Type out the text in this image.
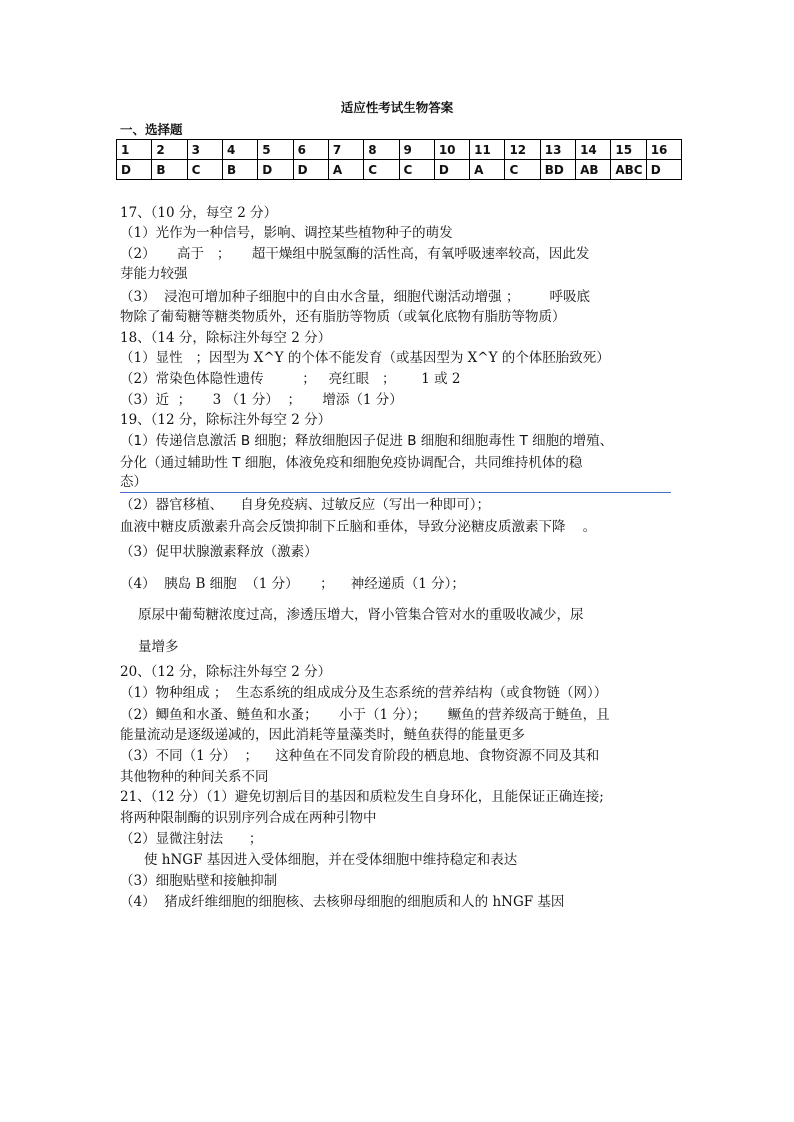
适应性考试生物答案
一、选择题
1	2	3	4	5	6	7	8	9	10	11	12	13	14	15	16
D	B	C	B	D	D	A	C	C	D	A	C	BD	AB	ABC	D
17、（10 分，每空 2 分）
（1）光作为一种信号，影响、调控某些植物种子的萌发
（2）     高于   ；     超干燥组中脱氢酶的活性高，有氧呼吸速率较高，因此发
芽能力较强
（3）  浸泡可增加种子细胞中的自由水含量，细胞代谢活动增强 ；       呼吸底
物除了葡萄糖等糖类物质外，还有脂肪等物质（或氧化底物有脂肪等物质）
18、（14 分，除标注外每空 2 分）
（1）显性   ；因型为 X^Y 的个体不能发育（或基因型为 X^Y 的个体胚胎致死）
（2）常染色体隐性遗传         ；   亮红眼   ；      1 或 2
（3）近  ；     3 （1 分）  ；     增添（1 分）
19、（12 分，除标注外每空 2 分）
（1）传递信息激活 B 细胞；释放细胞因子促进 B 细胞和细胞毒性 T 细胞的增殖、
分化（通过辅助性 T 细胞，体液免疫和细胞免疫协调配合，共同维持机体的稳
态）
（2）器官移植、    自身免疫病、过敏反应（写出一种即可）；
血液中糖皮质激素升高会反馈抑制下丘脑和垂体，导致分泌糖皮质激素下降    。
（3）促甲状腺激素释放（激素）
（4）  胰岛 B 细胞  （1 分）     ；    神经递质（1 分）；
原尿中葡萄糖浓度过高，渗透压增大，肾小管集合管对水的重吸收减少，尿
量增多
20、（12 分，除标注外每空 2 分）
（1）物种组成 ；  生态系统的组成成分及生态系统的营养结构（或食物链（网））
（2）鲫鱼和水蚤、鲢鱼和水蚤；     小于（1 分）；     鳜鱼的营养级高于鲢鱼，且
能量流动是逐级递减的，因此消耗等量藻类时，鲢鱼获得的能量更多
（3）不同（1 分）  ；    这种鱼在不同发育阶段的栖息地、食物资源不同及其和
其他物种的种间关系不同
21、（12 分）（1）避免切割后目的基因和质粒发生自身环化，且能保证正确连接;
将两种限制酶的识别序列合成在两种引物中
（2）显微注射法      ；
使 hNGF 基因进入受体细胞，并在受体细胞中维持稳定和表达
（3）细胞贴壁和接触抑制
（4）  猪成纤维细胞的细胞核、去核卵母细胞的细胞质和人的 hNGF 基因
